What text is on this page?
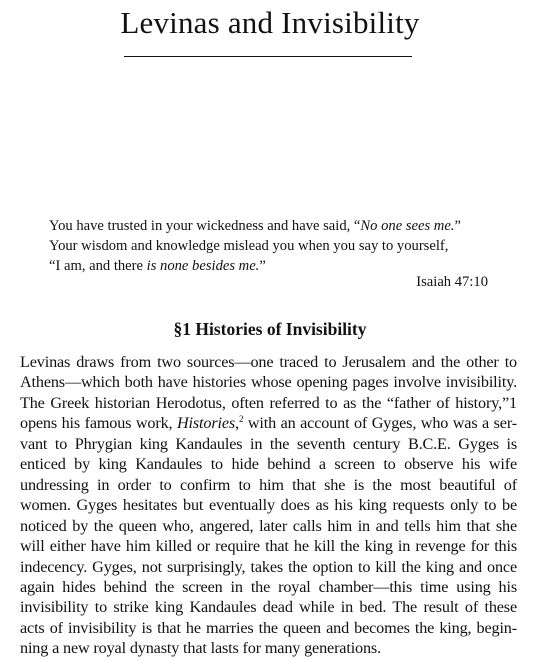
Levinas and Invisibility
You have trusted in your wickedness and have said, “No one sees me.”
Your wisdom and knowledge mislead you when you say to yourself,
“I am, and there is none besides me.”
Isaiah 47:10
§1 Histories of Invisibility
Levinas draws from two sources—one traced to Jerusalem and the other to
Athens—which both have histories whose opening pages involve invisibility.
The Greek historian Herodotus, often referred to as the “father of history,”1
opens his famous work, Histories,$^2$ with an account of Gyges, who was a ser-
vant to Phrygian king Kandaules in the seventh century B.C.E. Gyges is
enticed by king Kandaules to hide behind a screen to observe his wife
undressing in order to confirm to him that she is the most beautiful of
women. Gyges hesitates but eventually does as his king requests only to be
noticed by the queen who, angered, later calls him in and tells him that she
will either have him killed or require that he kill the king in revenge for this
indecency. Gyges, not surprisingly, takes the option to kill the king and once
again hides behind the screen in the royal chamber—this time using his
invisibility to strike king Kandaules dead while in bed. The result of these
acts of invisibility is that he marries the queen and becomes the king, begin-
ning a new royal dynasty that lasts for many generations.
